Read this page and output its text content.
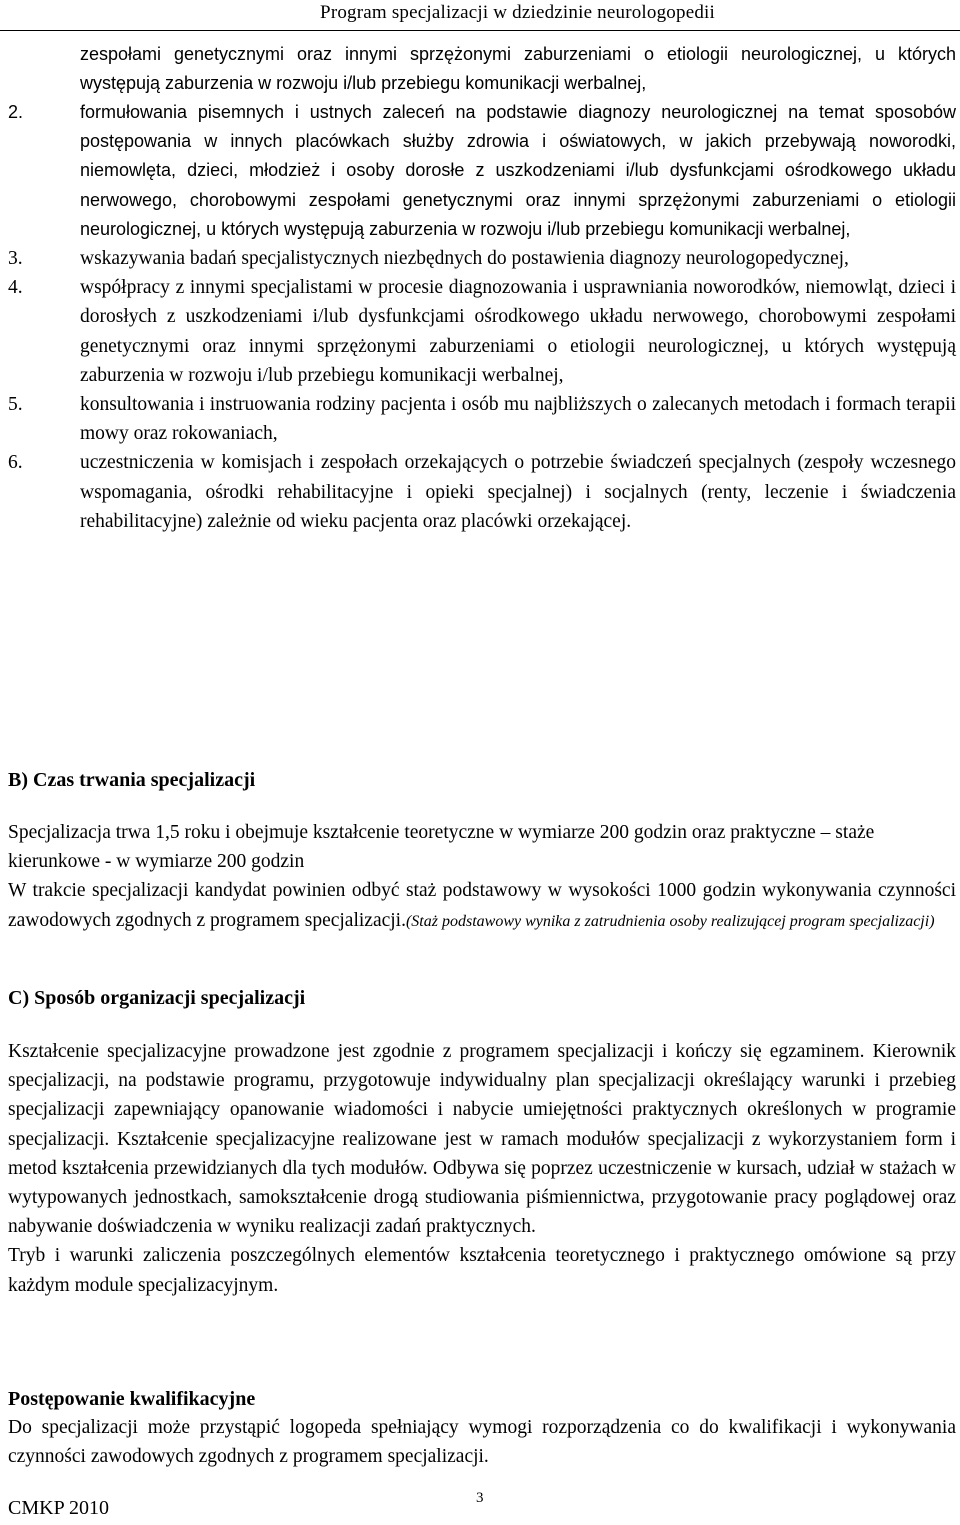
Program specjalizacji w dziedzinie neurologopedii
zespołami genetycznymi oraz innymi sprzężonymi zaburzeniami o etiologii neurologicznej, u których występują zaburzenia w rozwoju i/lub przebiegu komunikacji werbalnej,
2.	formułowania pisemnych i ustnych zaleceń na podstawie diagnozy neurologicznej na temat sposobów postępowania w innych placówkach służby zdrowia i oświatowych, w jakich przebywają noworodki, niemowlęta, dzieci, młodzież i osoby dorosłe z uszkodzeniami i/lub dysfunkcjami ośrodkowego układu nerwowego, chorobowymi zespołami genetycznymi oraz innymi sprzężonymi zaburzeniami o etiologii neurologicznej, u których występują zaburzenia w rozwoju i/lub przebiegu komunikacji werbalnej,
3.	wskazywania badań specjalistycznych niezbędnych do postawienia diagnozy neurologopedycznej,
4.	współpracy z innymi specjalistami w procesie diagnozowania i usprawniania noworodków, niemowląt, dzieci i dorosłych z uszkodzeniami i/lub dysfunkcjami ośrodkowego układu nerwowego, chorobowymi zespołami genetycznymi oraz innymi sprzężonymi zaburzeniami o etiologii neurologicznej, u których występują zaburzenia w rozwoju i/lub przebiegu komunikacji werbalnej,
5.	konsultowania i instruowania rodziny pacjenta i osób mu najbliższych o zalecanych metodach i formach terapii mowy oraz rokowaniach,
6.	uczestniczenia w komisjach i zespołach orzekających o potrzebie świadczeń specjalnych (zespoły wczesnego wspomagania, ośrodki rehabilitacyjne i opieki specjalnej) i socjalnych (renty, leczenie i świadczenia rehabilitacyjne) zależnie od wieku pacjenta oraz placówki orzekającej.
B) Czas trwania specjalizacji
Specjalizacja trwa 1,5 roku i obejmuje kształcenie teoretyczne w wymiarze 200 godzin oraz praktyczne – staże kierunkowe - w wymiarze 200 godzin
W trakcie specjalizacji kandydat powinien odbyć staż podstawowy w wysokości 1000 godzin wykonywania czynności zawodowych zgodnych z programem specjalizacji.(Staż podstawowy wynika z zatrudnienia osoby realizującej program specjalizacji)
C) Sposób organizacji specjalizacji
Kształcenie specjalizacyjne prowadzone jest zgodnie z programem specjalizacji i kończy się egzaminem. Kierownik specjalizacji, na podstawie programu, przygotowuje indywidualny plan specjalizacji określający warunki i przebieg specjalizacji zapewniający opanowanie wiadomości i nabycie umiejętności praktycznych określonych w programie specjalizacji. Kształcenie specjalizacyjne realizowane jest w ramach modułów specjalizacji z wykorzystaniem form i metod kształcenia przewidzianych dla tych modułów. Odbywa się poprzez uczestniczenie w kursach, udział w stażach w wytypowanych jednostkach, samokształcenie drogą studiowania piśmiennictwa, przygotowanie pracy poglądowej oraz nabywanie doświadczenia w wyniku realizacji zadań praktycznych.
Tryb i warunki zaliczenia poszczególnych elementów kształcenia teoretycznego i praktycznego omówione są przy każdym module specjalizacyjnym.
Postępowanie kwalifikacyjne
Do specjalizacji może przystąpić logopeda spełniający wymogi rozporządzenia co do kwalifikacji i wykonywania czynności zawodowych zgodnych z programem specjalizacji.
CMKP 2010	3
